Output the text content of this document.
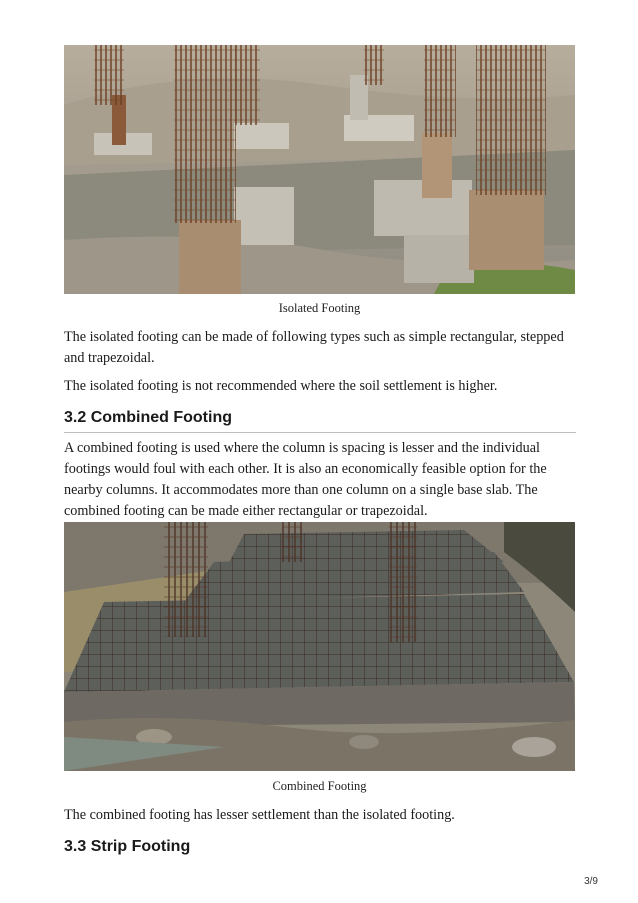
Isolated Footing

The isolated footing can be made of following types such as simple rectangular, stepped and trapezoidal.

The isolated footing is not recommended where the soil settlement is higher.

3.2 Combined Footing

A combined footing is used where the column is spacing is lesser and the individual footings would foul with each other. It is also an economically feasible option for the nearby columns. It accommodates more than one column on a single base slab. The combined footing can be made either rectangular or trapezoidal.

Combined Footing

The combined footing has lesser settlement than the isolated footing.

3.3 Strip Footing
3/9
